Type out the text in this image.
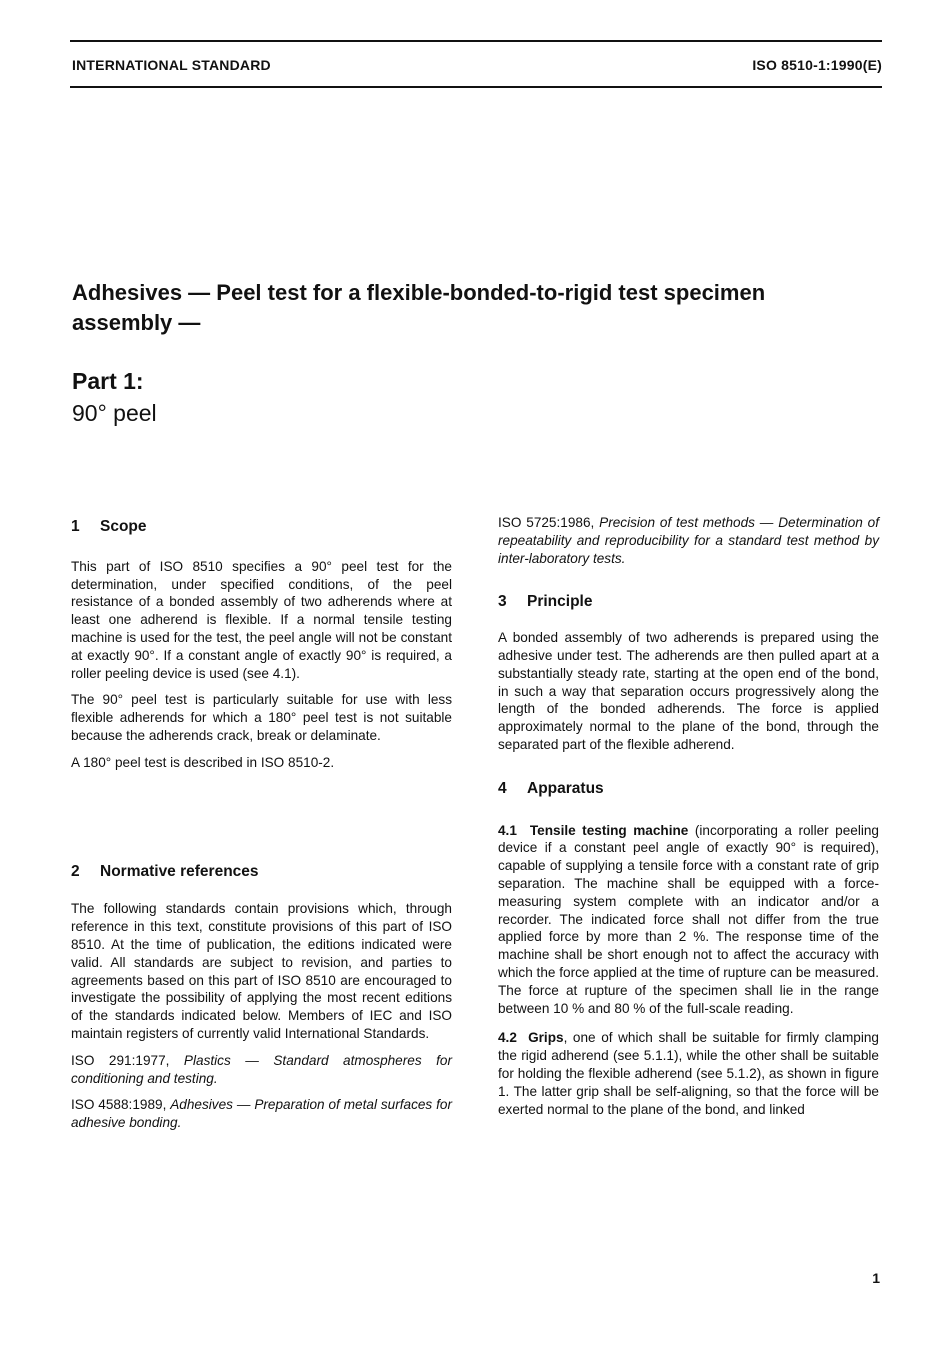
INTERNATIONAL STANDARD	ISO 8510-1:1990(E)
Adhesives — Peel test for a flexible-bonded-to-rigid test specimen assembly —
Part 1:
90° peel
1 Scope

This part of ISO 8510 specifies a 90° peel test for the determination, under specified conditions, of the peel resistance of a bonded assembly of two adherends where at least one adherend is flexible. If a normal tensile testing machine is used for the test, the peel angle will not be constant at exactly 90°. If a constant angle of exactly 90° is required, a roller peeling device is used (see 4.1).

The 90° peel test is particularly suitable for use with less flexible adherends for which a 180° peel test is not suitable because the adherends crack, break or delaminate.

A 180° peel test is described in ISO 8510-2.

2 Normative references

The following standards contain provisions which, through reference in this text, constitute provisions of this part of ISO 8510. At the time of publication, the editions indicated were valid. All standards are subject to revision, and parties to agreements based on this part of ISO 8510 are encouraged to investigate the possibility of applying the most recent editions of the standards indicated below. Members of IEC and ISO maintain registers of currently valid International Standards.

ISO 291:1977, Plastics — Standard atmospheres for conditioning and testing.

ISO 4588:1989, Adhesives — Preparation of metal surfaces for adhesive bonding.

ISO 5725:1986, Precision of test methods — Determination of repeatability and reproducibility for a standard test method by inter-laboratory tests.

3 Principle

A bonded assembly of two adherends is prepared using the adhesive under test. The adherends are then pulled apart at a substantially steady rate, starting at the open end of the bond, in such a way that separation occurs progressively along the length of the bonded adherends. The force is applied approximately normal to the plane of the bond, through the separated part of the flexible adherend.

4 Apparatus

4.1 Tensile testing machine (incorporating a roller peeling device if a constant peel angle of exactly 90° is required), capable of supplying a tensile force with a constant rate of grip separation. The machine shall be equipped with a force-measuring system complete with an indicator and/or a recorder. The indicated force shall not differ from the true applied force by more than 2 %. The response time of the machine shall be short enough not to affect the accuracy with which the force applied at the time of rupture can be measured. The force at rupture of the specimen shall lie in the range between 10 % and 80 % of the full-scale reading.

4.2 Grips, one of which shall be suitable for firmly clamping the rigid adherend (see 5.1.1), while the other shall be suitable for holding the flexible adherend (see 5.1.2), as shown in figure 1. The latter grip shall be self-aligning, so that the force will be exerted normal to the plane of the bond, and linked

1
